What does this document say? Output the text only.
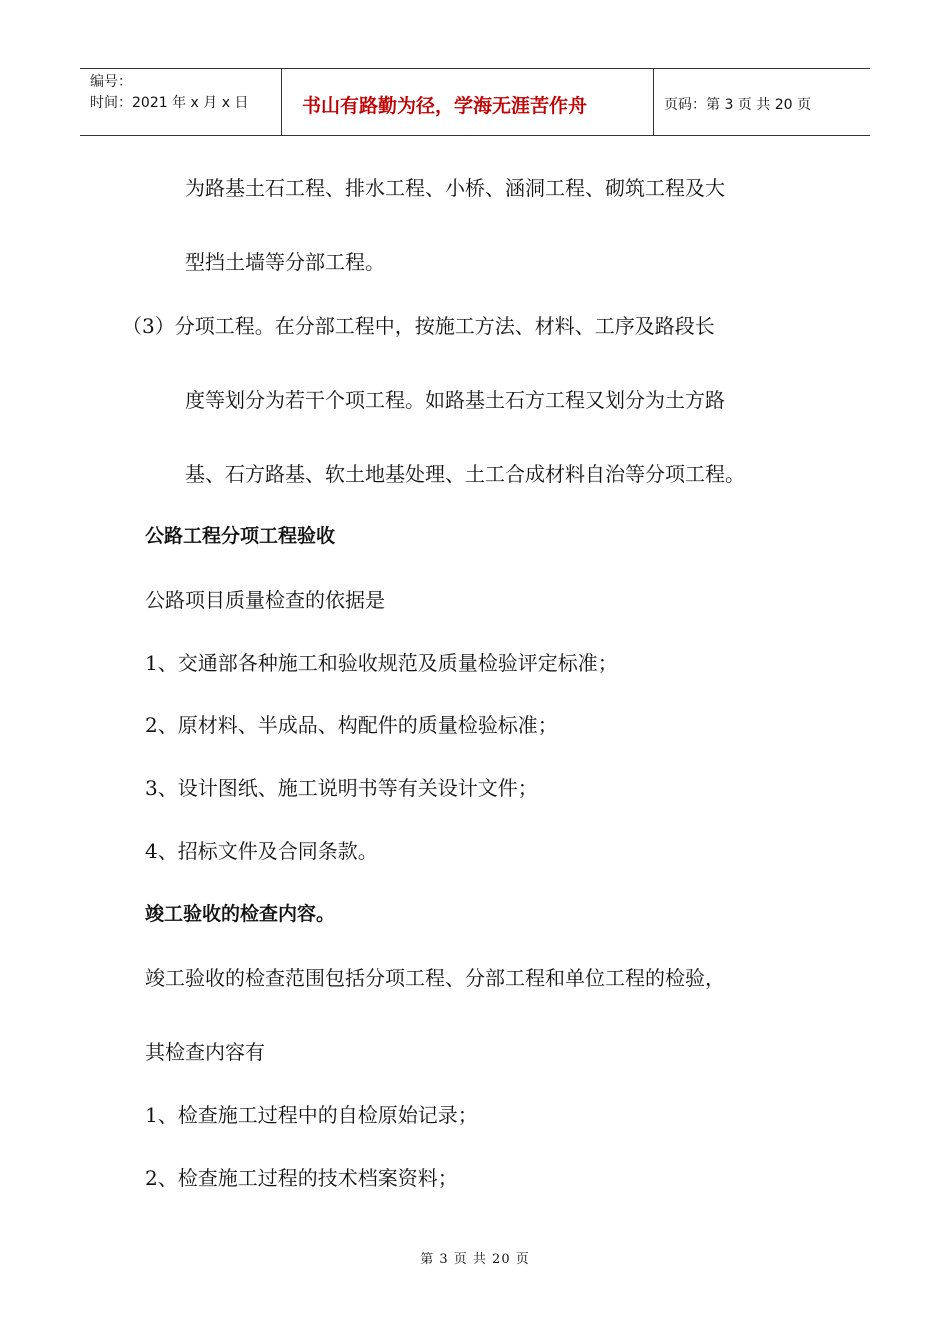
编号：
时间：2021 年 x 月 x 日	书山有路勤为径，学海无涯苦作舟	页码：第 3 页 共 20 页
为路基土石工程、排水工程、小桥、涵洞工程、砌筑工程及大
型挡土墙等分部工程。
（3）分项工程。在分部工程中，按施工方法、材料、工序及路段长
度等划分为若干个项工程。如路基土石方工程又划分为土方路
基、石方路基、软土地基处理、土工合成材料自治等分项工程。
公路工程分项工程验收
公路项目质量检查的依据是
1、交通部各种施工和验收规范及质量检验评定标准；
2、原材料、半成品、构配件的质量检验标准；
3、设计图纸、施工说明书等有关设计文件；
4、招标文件及合同条款。
竣工验收的检查内容。
竣工验收的检查范围包括分项工程、分部工程和单位工程的检验，
其检查内容有
1、检查施工过程中的自检原始记录；
2、检查施工过程的技术档案资料；
第 3 页 共 20 页
